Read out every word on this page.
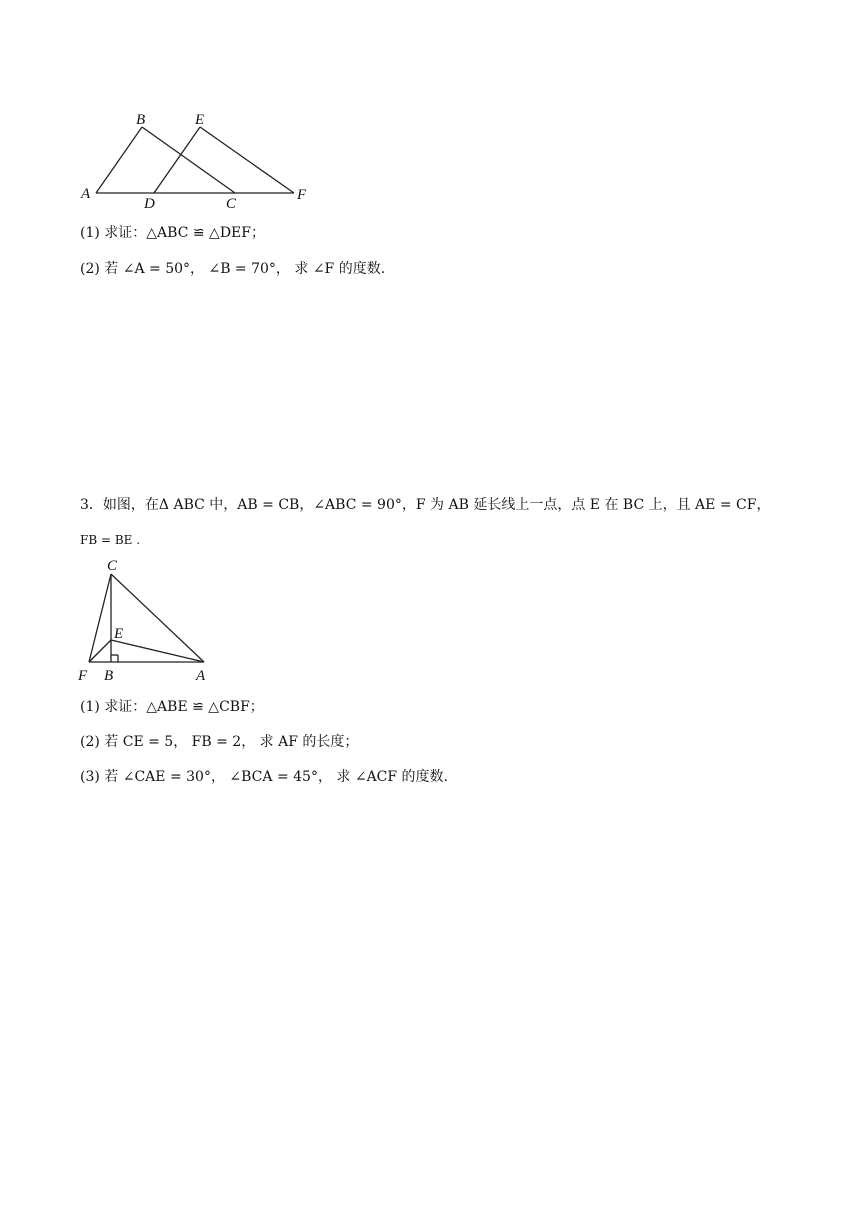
A
B	E
D	C
F
(1) 求证：△ABC ≌ △DEF；
(2) 若 ∠A = 50°， ∠B = 70°， 求 ∠F 的度数.
3．如图，在Δ ABC 中，AB = CB，∠ABC = 90°，F 为 AB 延长线上一点，点 E 在 BC 上，且 AE = CF，
FB = BE .
C
E
F B	A
(1) 求证：△ABE ≌ △CBF；
(2) 若 CE = 5， FB = 2， 求 AF 的长度；
(3) 若 ∠CAE = 30°， ∠BCA = 45°， 求 ∠ACF 的度数.
